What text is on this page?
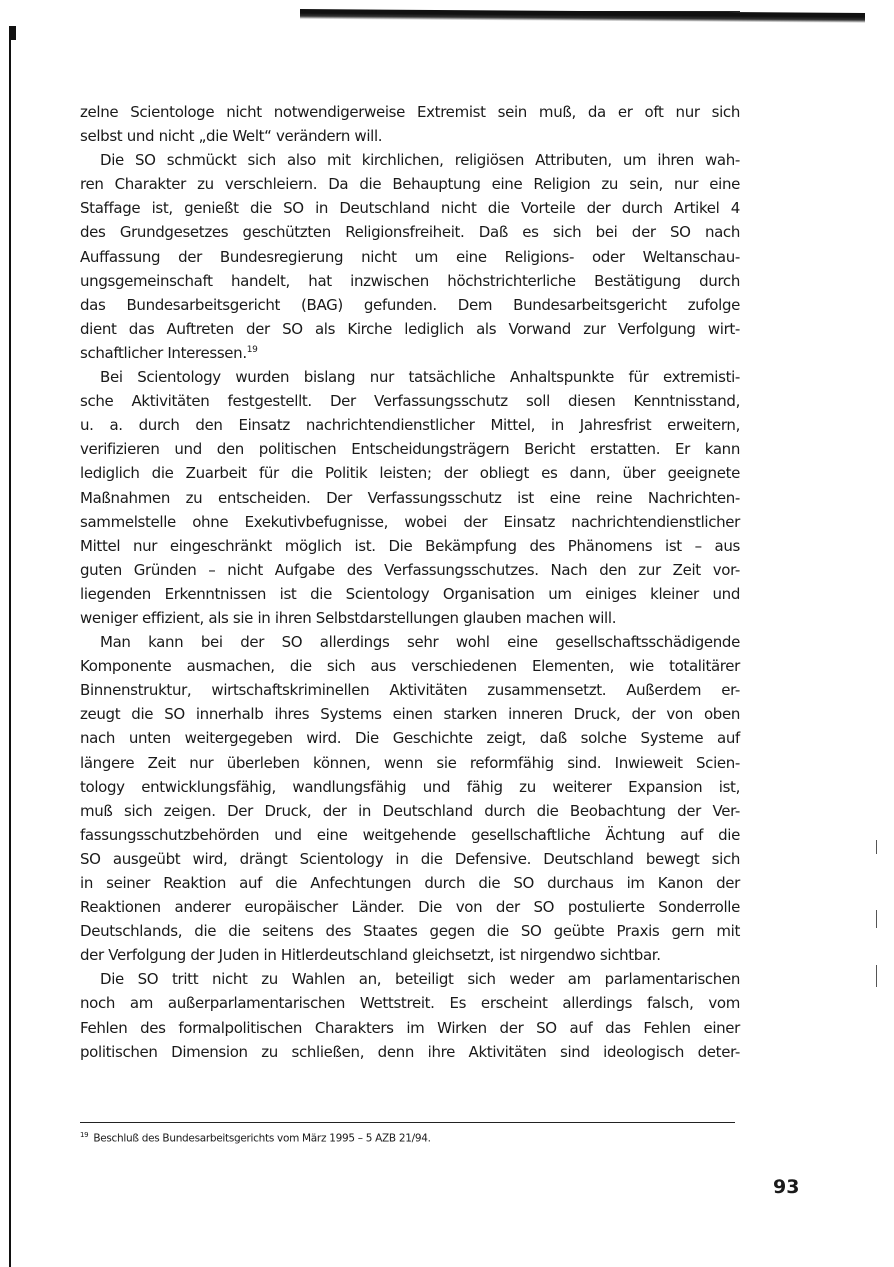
zelne Scientologe nicht notwendigerweise Extremist sein muß, da er oft nur sich
selbst und nicht „die Welt“ verändern will.
Die SO schmückt sich also mit kirchlichen, religiösen Attributen, um ihren wah-
ren Charakter zu verschleiern. Da die Behauptung eine Religion zu sein, nur eine
Staffage ist, genießt die SO in Deutschland nicht die Vorteile der durch Artikel 4
des Grundgesetzes geschützten Religionsfreiheit. Daß es sich bei der SO nach
Auffassung der Bundesregierung nicht um eine Religions- oder Weltanschau-
ungsgemeinschaft handelt, hat inzwischen höchstrichterliche Bestätigung durch
das Bundesarbeitsgericht (BAG) gefunden. Dem Bundesarbeitsgericht zufolge
dient das Auftreten der SO als Kirche lediglich als Vorwand zur Verfolgung wirt-
schaftlicher Interessen.$^{19}$
Bei Scientology wurden bislang nur tatsächliche Anhaltspunkte für extremisti-
sche Aktivitäten festgestellt. Der Verfassungsschutz soll diesen Kenntnisstand,
u. a. durch den Einsatz nachrichtendienstlicher Mittel, in Jahresfrist erweitern,
verifizieren und den politischen Entscheidungsträgern Bericht erstatten. Er kann
lediglich die Zuarbeit für die Politik leisten; der obliegt es dann, über geeignete
Maßnahmen zu entscheiden. Der Verfassungsschutz ist eine reine Nachrichten-
sammelstelle ohne Exekutivbefugnisse, wobei der Einsatz nachrichtendienstlicher
Mittel nur eingeschränkt möglich ist. Die Bekämpfung des Phänomens ist – aus
guten Gründen – nicht Aufgabe des Verfassungsschutzes. Nach den zur Zeit vor-
liegenden Erkenntnissen ist die Scientology Organisation um einiges kleiner und
weniger effizient, als sie in ihren Selbstdarstellungen glauben machen will.
Man kann bei der SO allerdings sehr wohl eine gesellschaftsschädigende
Komponente ausmachen, die sich aus verschiedenen Elementen, wie totalitärer
Binnenstruktur, wirtschaftskriminellen Aktivitäten zusammensetzt. Außerdem er-
zeugt die SO innerhalb ihres Systems einen starken inneren Druck, der von oben
nach unten weitergegeben wird. Die Geschichte zeigt, daß solche Systeme auf
längere Zeit nur überleben können, wenn sie reformfähig sind. Inwieweit Scien-
tology entwicklungsfähig, wandlungsfähig und fähig zu weiterer Expansion ist,
muß sich zeigen. Der Druck, der in Deutschland durch die Beobachtung der Ver-
fassungsschutzbehörden und eine weitgehende gesellschaftliche Ächtung auf die
SO ausgeübt wird, drängt Scientology in die Defensive. Deutschland bewegt sich
in seiner Reaktion auf die Anfechtungen durch die SO durchaus im Kanon der
Reaktionen anderer europäischer Länder. Die von der SO postulierte Sonderrolle
Deutschlands, die die seitens des Staates gegen die SO geübte Praxis gern mit
der Verfolgung der Juden in Hitlerdeutschland gleichsetzt, ist nirgendwo sichtbar.
Die SO tritt nicht zu Wahlen an, beteiligt sich weder am parlamentarischen
noch am außerparlamentarischen Wettstreit. Es erscheint allerdings falsch, vom
Fehlen des formalpolitischen Charakters im Wirken der SO auf das Fehlen einer
politischen Dimension zu schließen, denn ihre Aktivitäten sind ideologisch deter-
$^{19}$ Beschluß des Bundesarbeitsgerichts vom März 1995 – 5 AZB 21/94.
93
